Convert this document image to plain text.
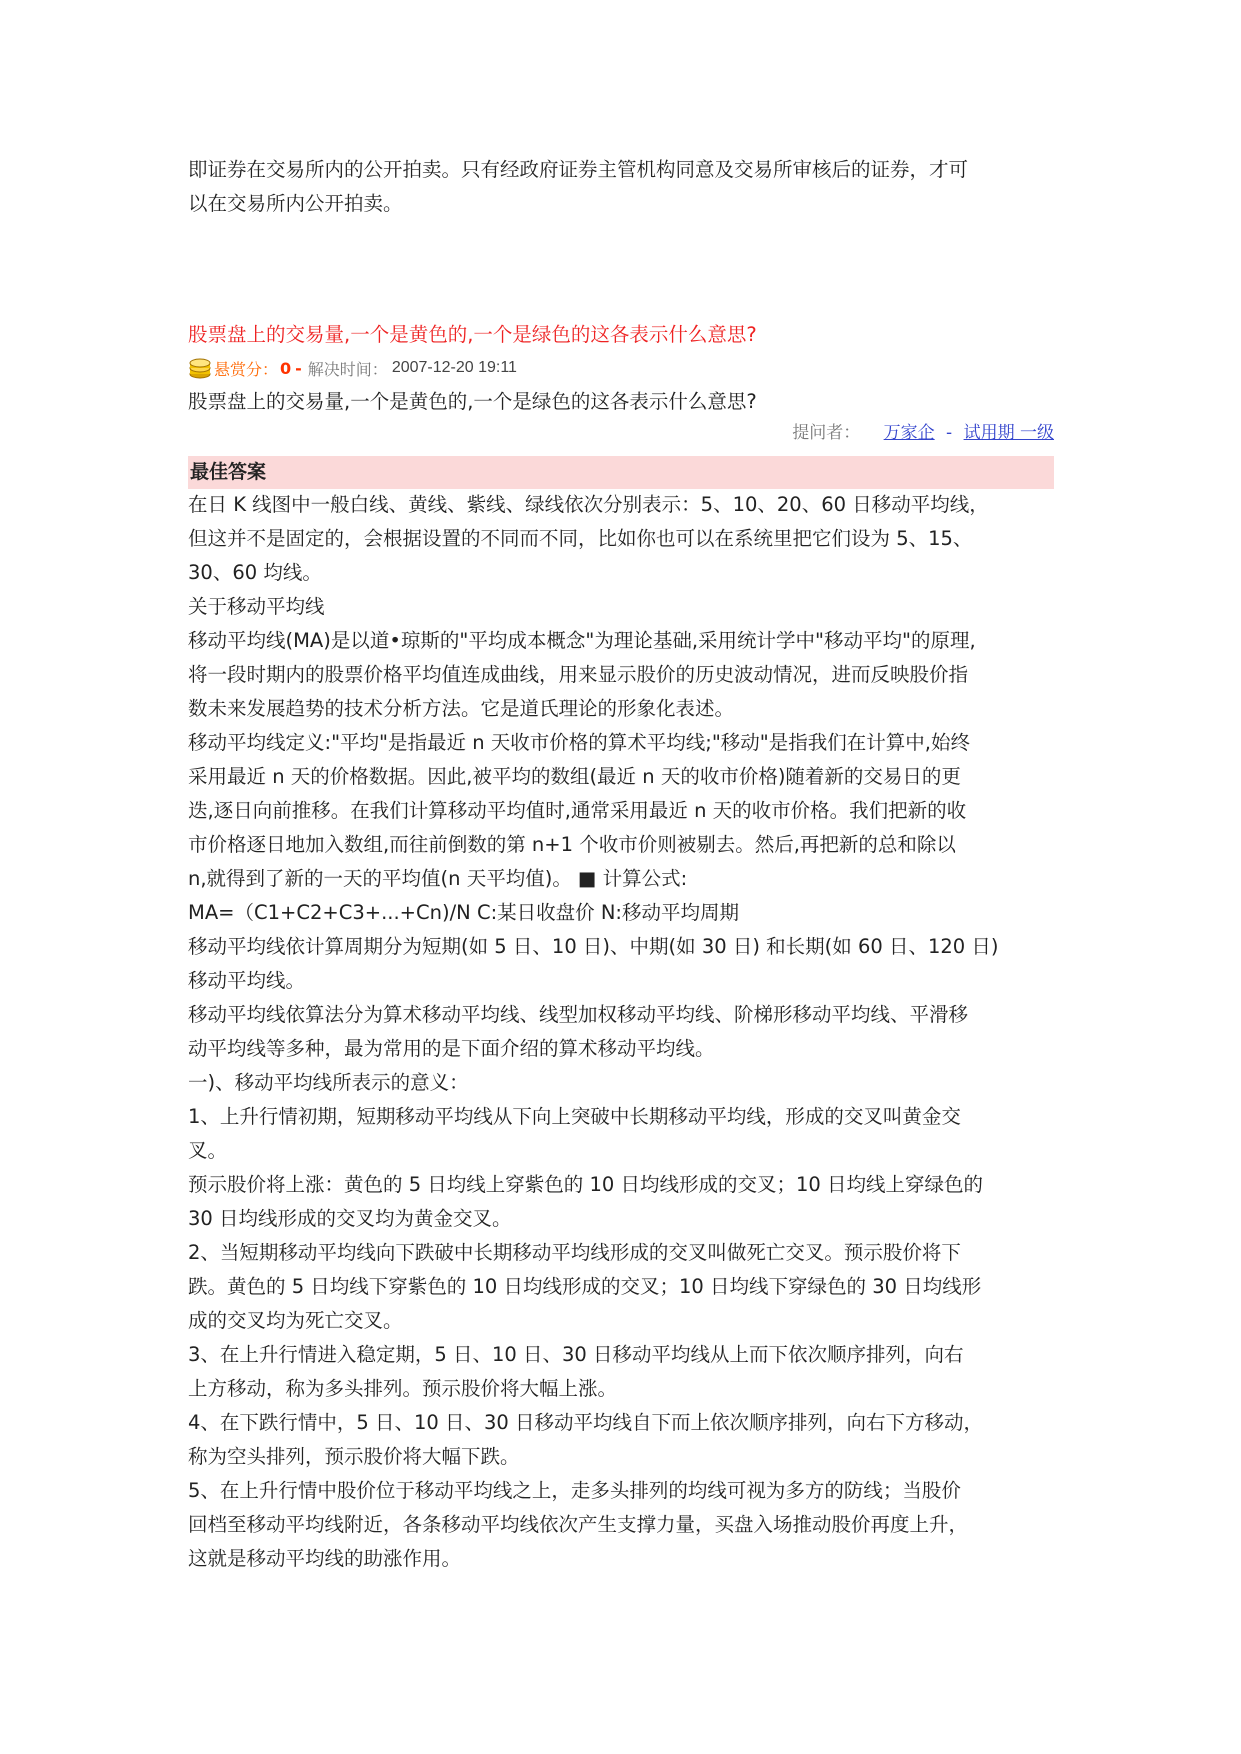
即证券在交易所内的公开拍卖。只有经政府证券主管机构同意及交易所审核后的证券，才可

以在交易所内公开拍卖。

股票盘上的交易量,一个是黄色的,一个是绿色的这各表示什么意思?

悬赏分： 0 - 解决时间： 2007-12-20 19:11

股票盘上的交易量,一个是黄色的,一个是绿色的这各表示什么意思?

提问者： 万家企 - 试用期 一级
最佳答案

在日 K 线图中一般白线、黄线、紫线、绿线依次分别表示：5、10、20、60 日移动平均线，

但这并不是固定的，会根据设置的不同而不同，比如你也可以在系统里把它们设为 5、15、

30、60 均线。

关于移动平均线

移动平均线(MA)是以道•琼斯的"平均成本概念"为理论基础,采用统计学中"移动平均"的原理,

将一段时期内的股票价格平均值连成曲线，用来显示股价的历史波动情况，进而反映股价指

数未来发展趋势的技术分析方法。它是道氏理论的形象化表述。

移动平均线定义:"平均"是指最近 n 天收市价格的算术平均线;"移动"是指我们在计算中,始终

采用最近 n 天的价格数据。因此,被平均的数组(最近 n 天的收市价格)随着新的交易日的更

迭,逐日向前推移。在我们计算移动平均值时,通常采用最近 n 天的收市价格。我们把新的收

市价格逐日地加入数组,而往前倒数的第 n+1 个收市价则被剔去。然后,再把新的总和除以

n,就得到了新的一天的平均值(n 天平均值)。 ■ 计算公式:

MA=（C1+C2+C3+...+Cn)/N C:某日收盘价 N:移动平均周期

移动平均线依计算周期分为短期(如 5 日、10 日)、中期(如 30 日) 和长期(如 60 日、120 日)

移动平均线。

移动平均线依算法分为算术移动平均线、线型加权移动平均线、阶梯形移动平均线、平滑移

动平均线等多种，最为常用的是下面介绍的算术移动平均线。

一)、移动平均线所表示的意义：

1、上升行情初期，短期移动平均线从下向上突破中长期移动平均线，形成的交叉叫黄金交

叉。

预示股价将上涨：黄色的 5 日均线上穿紫色的 10 日均线形成的交叉；10 日均线上穿绿色的

30 日均线形成的交叉均为黄金交叉。

2、当短期移动平均线向下跌破中长期移动平均线形成的交叉叫做死亡交叉。预示股价将下

跌。黄色的 5 日均线下穿紫色的 10 日均线形成的交叉；10 日均线下穿绿色的 30 日均线形

成的交叉均为死亡交叉。

3、在上升行情进入稳定期，5 日、10 日、30 日移动平均线从上而下依次顺序排列，向右

上方移动，称为多头排列。预示股价将大幅上涨。

4、在下跌行情中，5 日、10 日、30 日移动平均线自下而上依次顺序排列，向右下方移动，

称为空头排列，预示股价将大幅下跌。

5、在上升行情中股价位于移动平均线之上，走多头排列的均线可视为多方的防线；当股价

回档至移动平均线附近，各条移动平均线依次产生支撑力量，买盘入场推动股价再度上升，

这就是移动平均线的助涨作用。
